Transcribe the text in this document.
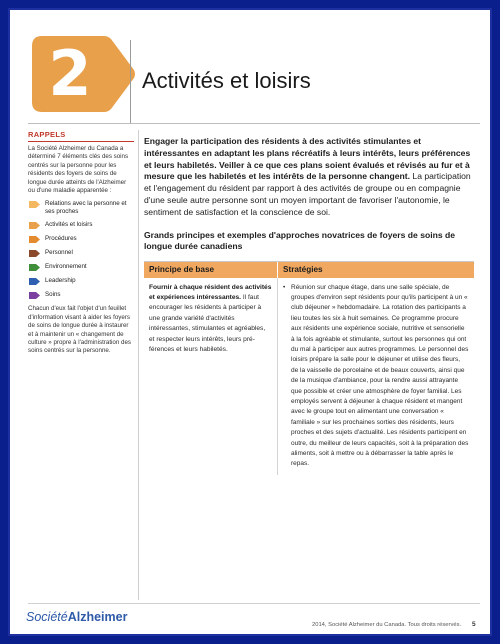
2	Activités et loisirs
RAPPELS
La Société Alzheimer du Canada a déterminé 7 éléments clés des soins centrés sur la personne pour les résidents des foyers de soins de longue durée atteints de l'Alzheimer ou d'une maladie apparentée :
Relations avec la personne et ses proches
Activités et loisirs
Procédures
Personnel
Environnement
Leadership
Soins
Chacun d'eux fait l'objet d'un feuillet d'information visant à aider les foyers de soins de longue durée à instaurer et à maintenir un « changement de culture » propre à l'administration des soins centrés sur la personne.

Engager la participation des résidents à des activités stimulantes et intéressantes en adaptant les plans récréatifs à leurs intérêts, leurs préférences et leurs habiletés. Veiller à ce que ces plans soient évalués et révisés au fur et à mesure que les habiletés et les intérêts de la personne changent. La participation et l'engagement du résident par rapport à des activités de groupe ou en compagnie d'une seule autre personne sont un moyen important de favoriser l'autonomie, le sentiment de satisfaction et la conscience de soi.

Grands principes et exemples d'approches novatrices de foyers de soins de longue durée canadiens
Principe de base	Stratégies
Fournir à chaque résident des activités et expériences intéressantes. Il faut encourager les résidents à participer à une grande variété d'activités intéressantes, stimulantes et agréables, et respecter leurs intérêts, leurs préférences et leurs habiletés.
• Réunion sur chaque étage, dans une salle spéciale, de groupes d'environ sept résidents pour qu'ils participent à un « club déjeuner » hebdomadaire. La rotation des participants a lieu toutes les six à huit semaines. Ce programme procure aux résidents une expérience sociale, nutritive et sensorielle à la fois agréable et stimulante, surtout les personnes qui ont du mal à participer aux autres programmes. Le personnel des loisirs prépare la salle pour le déjeuner et utilise des fleurs, de la vaisselle de porcelaine et de beaux couverts, ainsi que de la musique d'ambiance, pour la rendre aussi attrayante que possible et créer une atmosphère de foyer familial. Les employés servent à déjeuner à chaque résident et mangent avec le groupe tout en alimentant une conversation « familiale » sur les prochaines sorties des résidents, leurs proches et des sujets d'actualité. Les résidents participent en outre, du meilleur de leurs capacités, soit à la préparation des aliments, soit à mettre ou à débarrasser la table après le repas.
SociétéAlzheimer
2014, Société Alzheimer du Canada. Tous droits réservés. 5
